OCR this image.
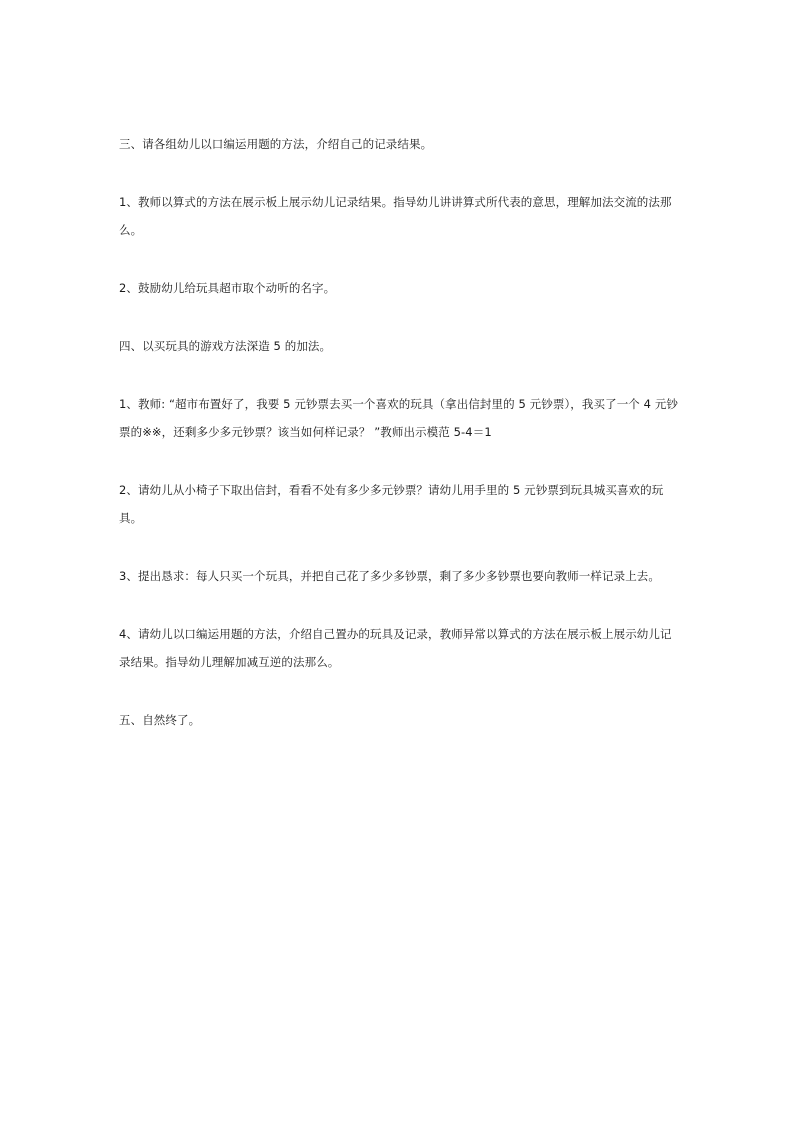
三、请各组幼儿以口编运用题的方法，介绍自己的记录结果。

1、教师以算式的方法在展示板上展示幼儿记录结果。指导幼儿讲讲算式所代表的意思，理解加法交流的法那么。

2、鼓励幼儿给玩具超市取个动听的名字。

四、以买玩具的游戏方法深造 5 的加法。

1、教师: “超市布置好了，我要 5 元钞票去买一个喜欢的玩具（拿出信封里的 5 元钞票），我买了一个 4 元钞票的※※，还剩多少多元钞票？该当如何样记录？ ”教师出示模范 5-4＝1

2、请幼儿从小椅子下取出信封，看看不处有多少多元钞票？请幼儿用手里的 5 元钞票到玩具城买喜欢的玩具。

3、提出恳求：每人只买一个玩具，并把自己花了多少多钞票，剩了多少多钞票也要向教师一样记录上去。

4、请幼儿以口编运用题的方法，介绍自己置办的玩具及记录，教师异常以算式的方法在展示板上展示幼儿记录结果。指导幼儿理解加减互逆的法那么。

五、自然终了。
